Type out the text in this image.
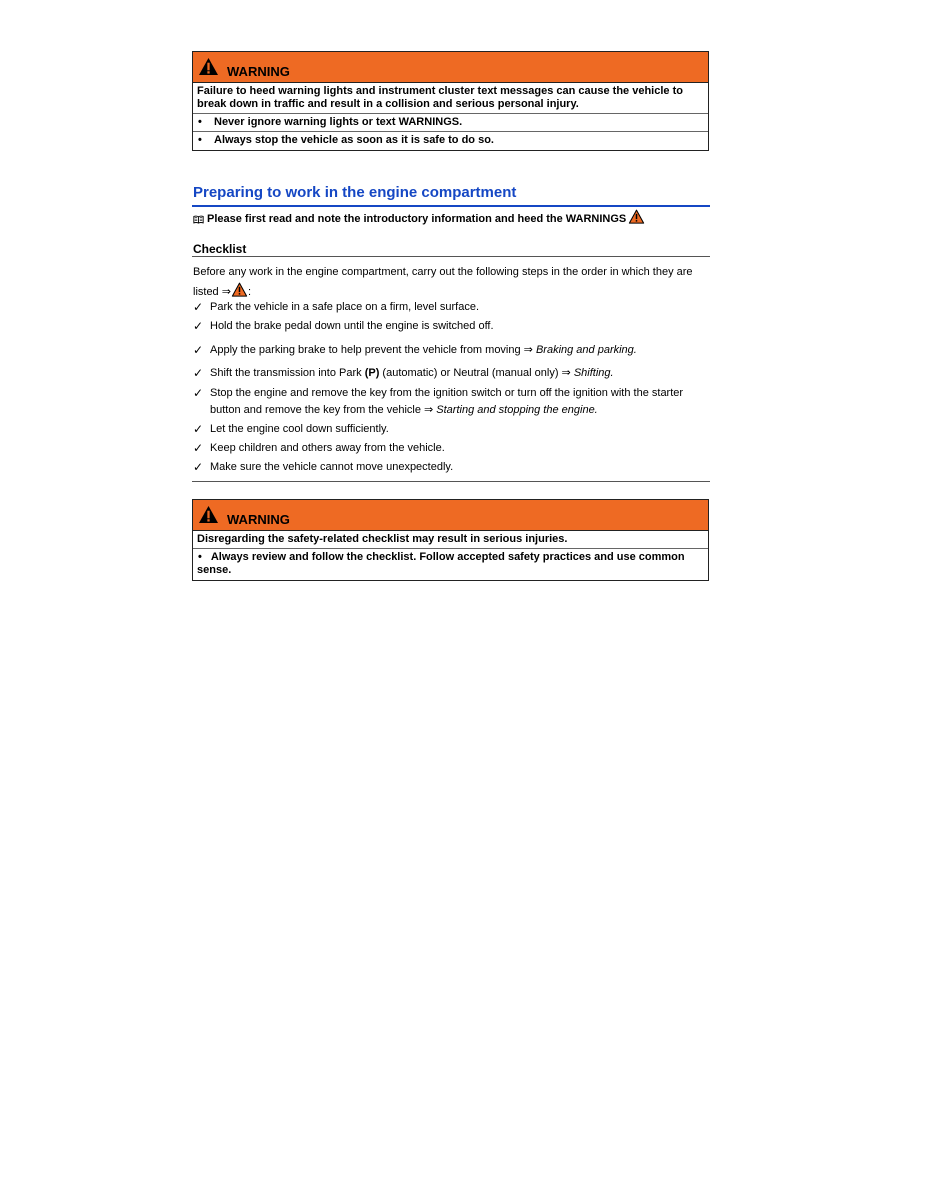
WARNING

Failure to heed warning lights and instrument cluster text messages can cause the vehicle to break down in traffic and result in a collision and serious personal injury.

• Never ignore warning lights or text WARNINGS.
• Always stop the vehicle as soon as it is safe to do so.
Preparing to work in the engine compartment
Please first read and note the introductory information and heed the WARNINGS
Checklist
Before any work in the engine compartment, carry out the following steps in the order in which they are listed ⇒ :
✓ Park the vehicle in a safe place on a firm, level surface.
✓ Hold the brake pedal down until the engine is switched off.
✓ Apply the parking brake to help prevent the vehicle from moving ⇒ Braking and parking.
✓ Shift the transmission into Park (P) (automatic) or Neutral (manual only) ⇒ Shifting.
✓ Stop the engine and remove the key from the ignition switch or turn off the ignition with the starter button and remove the key from the vehicle ⇒ Starting and stopping the engine.
✓ Let the engine cool down sufficiently.
✓ Keep children and others away from the vehicle.
✓ Make sure the vehicle cannot move unexpectedly.
WARNING

Disregarding the safety-related checklist may result in serious injuries.

• Always review and follow the checklist. Follow accepted safety practices and use common sense.
